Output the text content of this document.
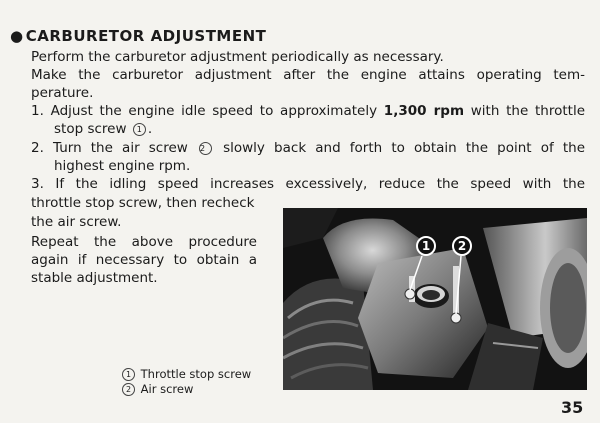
● CARBURETOR ADJUSTMENT
Perform the carburetor adjustment periodically as necessary.
Make the carburetor adjustment after the engine attains operating tem-
perature.
1. Adjust the engine idle speed to approximately 1,300 rpm with the throttle
stop screw 1 .
2. Turn the air screw 2 slowly back and forth to obtain the point of the
highest engine rpm.
3. If the idling speed increases excessively, reduce the speed with the
throttle stop screw, then recheck
the air screw.
Repeat the above procedure
again if necessary to obtain a
stable adjustment.
1	2
1 Throttle stop screw
2 Air screw
35
